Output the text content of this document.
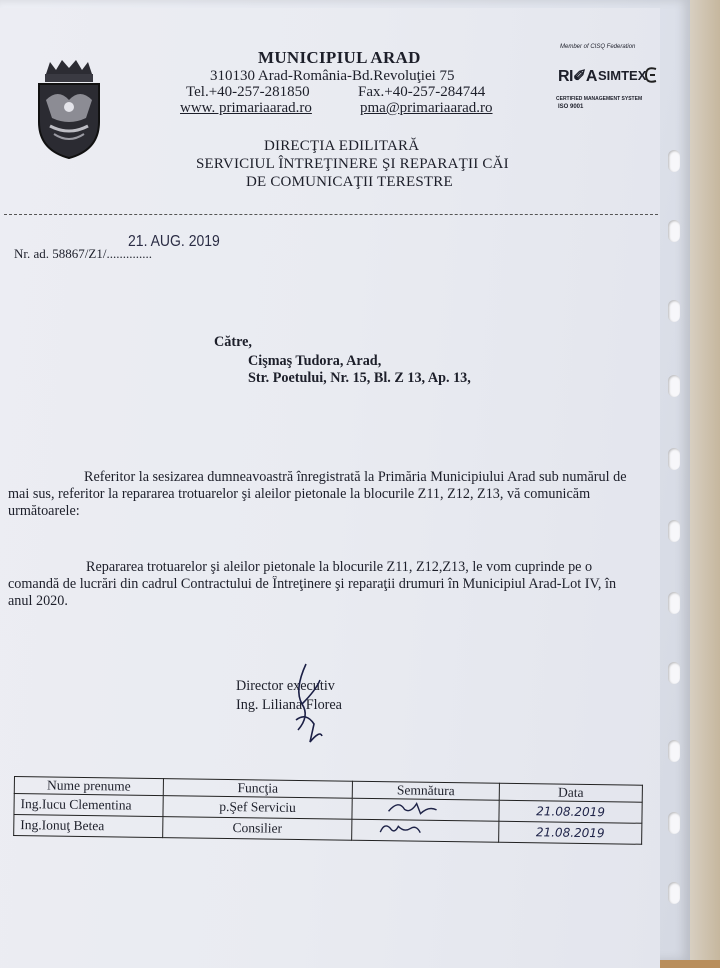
MUNICIPIUL ARAD
310130 Arad-România-Bd.Revoluţiei 75
Tel.+40-257-281850	Fax.+40-257-284744
www. primariaarad.ro	pma@primariaarad.ro
Member of CISQ Federation
RI✐A SIMTEX
CERTIFIED MANAGEMENT SYSTEM
ISO 9001
DIRECŢIA EDILITARĂ
SERVICIUL ÎNTREŢINERE ŞI REPARAŢII CĂI
DE COMUNICAŢII TERESTRE
Nr. ad. 58867/Z1/..............
21. AUG. 2019
Către,
Cişmaş Tudora, Arad,
Str. Poetului, Nr. 15, Bl. Z 13, Ap. 13,
Referitor la sesizarea dumneavoastră înregistrată la Primăria Municipiului Arad sub numărul de
mai sus, referitor la repararea trotuarelor şi aleilor pietonale la blocurile Z11, Z12, Z13, vă comunicăm
următoarele:
Repararea trotuarelor şi aleilor pietonale la blocurile Z11, Z12,Z13, le vom cuprinde pe o
comandă de lucrări din cadrul Contractului de Întreţinere şi reparaţii drumuri în Municipiul Arad-Lot IV, în
anul 2020.
Director executiv
Ing. Liliana Florea
Nume prenume	Funcţia	Semnătura	Data
Ing.Iucu Clementina	p.Şef Serviciu		21.08.2019
Ing.Ionuţ Betea	Consilier		21.08.2019
